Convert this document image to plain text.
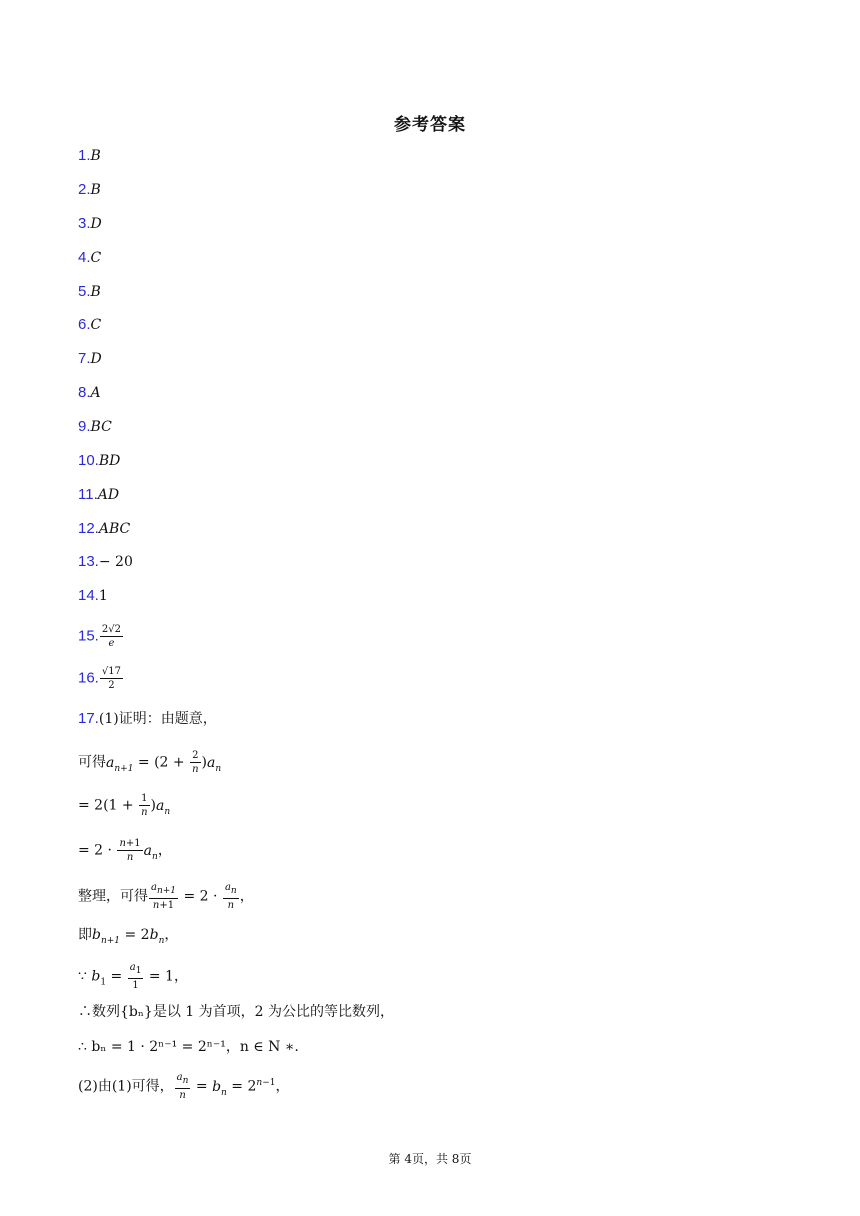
参考答案
1.B
2.B
3.D
4.C
5.B
6.C
7.D
8.A
9.BC
10.BD
11.AD
12.ABC
13.− 20
14.1
15. $\frac{2√2}{e}$
16. $\frac{√17}{2}$
17.(1)证明：由题意，
可得$a_{n+1} = (2 + \frac{2}{n} )a_n$
= $2(1 + \frac{1}{n} )a_n$
= $2 \cdot \frac{n+1}{n} a_n$，
整理，可得 $\frac{a_{n+1}}{n+1} = 2 \cdot \frac{a_n}{n}$ ，
即$b_{n+1} = 2b_n$，
∵ $b_1 = \frac{a_1}{1} = 1$，
∴数列{bₙ}是以 1 为首项，2 为公比的等比数列，
∴ bₙ = 1 · 2ⁿ⁻¹ = 2ⁿ⁻¹，n ∈ N ∗.
(2)由(1)可得， $\frac{a_n}{n} = b_n = 2^{n-1}$，
第 4页，共 8页
